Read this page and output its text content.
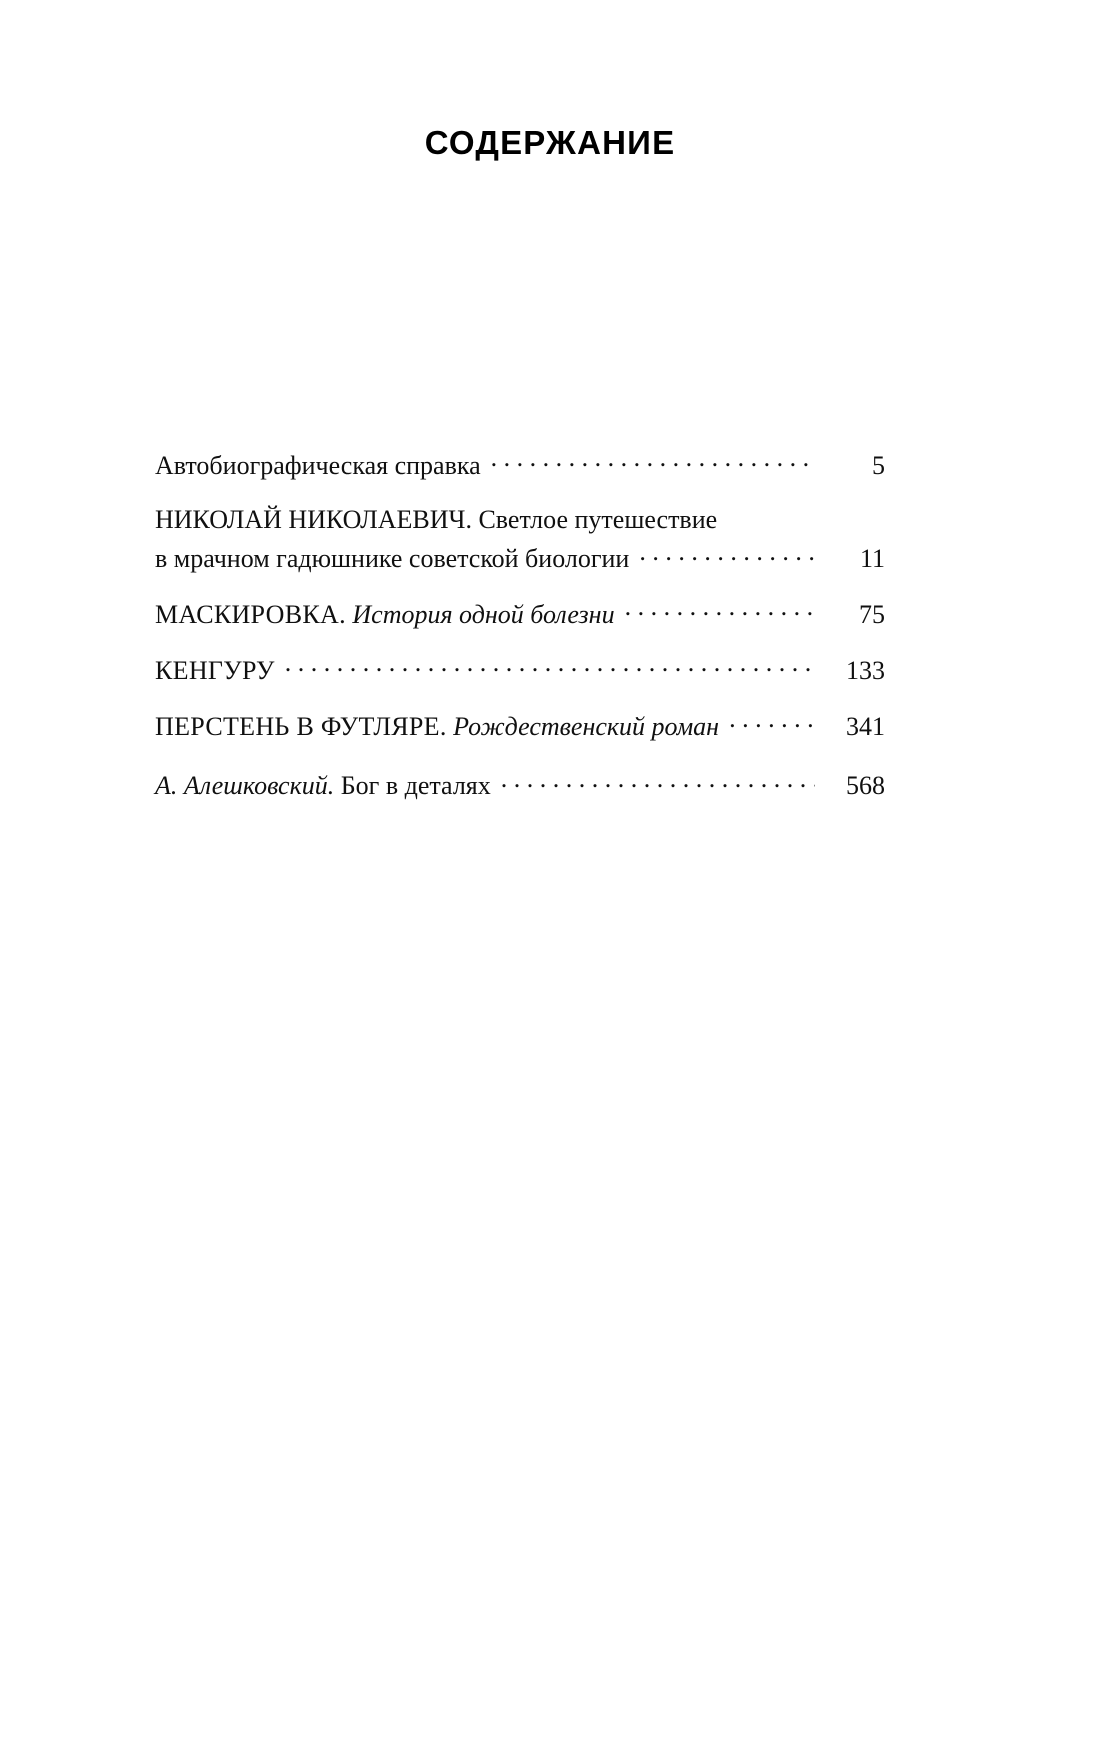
СОДЕРЖАНИЕ
Автобиографическая справка . . .	5
НИКОЛАЙ НИКОЛАЕВИЧ. Светлое путешествие
в мрачном гадюшнике советской биологии . . .	11
МАСКИРОВКА. История одной болезни . . .	75
КЕНГУРУ . . .	133
ПЕРСТЕНЬ В ФУТЛЯРЕ. Рождественский роман . . .	341
А. Алешковский. Бог в деталях . . .	568
